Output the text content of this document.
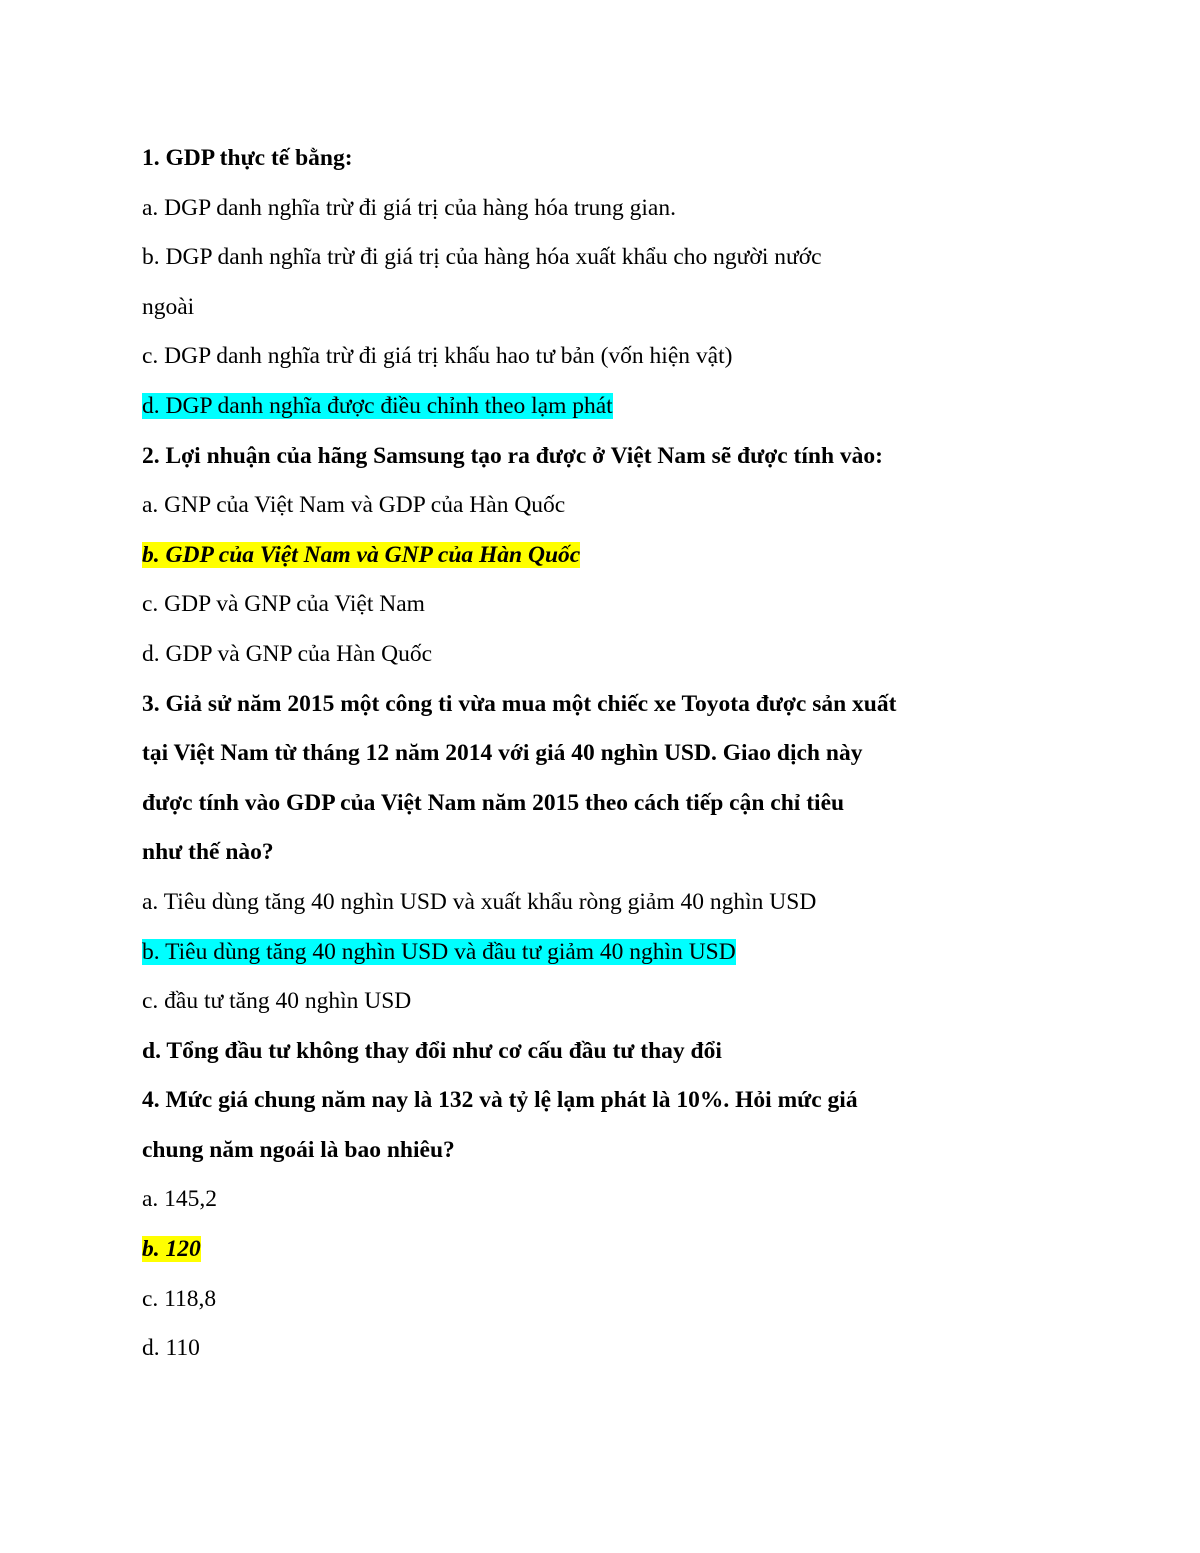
1. GDP thực tế bằng:
a. DGP danh nghĩa trừ đi giá trị của hàng hóa trung gian.
b. DGP danh nghĩa trừ đi giá trị của hàng hóa xuất khẩu cho người nước
ngoài
c. DGP danh nghĩa trừ đi giá trị khấu hao tư bản (vốn hiện vật)
d. DGP danh nghĩa được điều chỉnh theo lạm phát
2. Lợi nhuận của hãng Samsung tạo ra được ở Việt Nam sẽ được tính vào:
a. GNP của Việt Nam và GDP của Hàn Quốc
b. GDP của Việt Nam và GNP của Hàn Quốc
c. GDP và GNP của Việt Nam
d. GDP và GNP của Hàn Quốc
3. Giả sử năm 2015 một công ti vừa mua một chiếc xe Toyota được sản xuất
tại Việt Nam từ tháng 12 năm 2014 với giá 40 nghìn USD. Giao dịch này
được tính vào GDP của Việt Nam năm 2015 theo cách tiếp cận chỉ tiêu
như thế nào?
a. Tiêu dùng tăng 40 nghìn USD và xuất khẩu ròng giảm 40 nghìn USD
b. Tiêu dùng tăng 40 nghìn USD và đầu tư giảm 40 nghìn USD
c. đầu tư tăng 40 nghìn USD
d. Tổng đầu tư không thay đổi như cơ cấu đầu tư thay đổi
4. Mức giá chung năm nay là 132 và tỷ lệ lạm phát là 10%. Hỏi mức giá
chung năm ngoái là bao nhiêu?
a. 145,2
b. 120
c. 118,8
d. 110
